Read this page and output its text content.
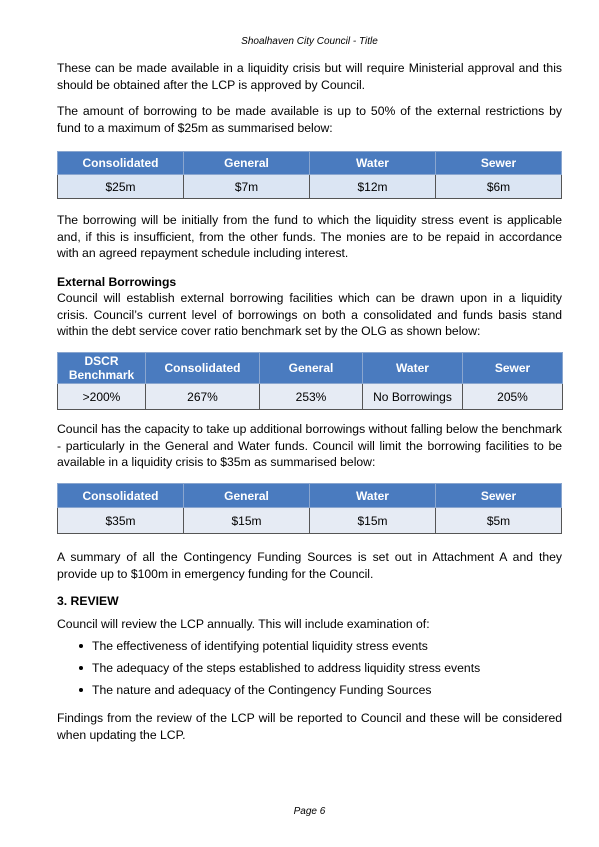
Shoalhaven City Council - Title

These can be made available in a liquidity crisis but will require Ministerial approval and this should be obtained after the LCP is approved by Council.

The amount of borrowing to be made available is up to 50% of the external restrictions by fund to a maximum of $25m as summarised below:

Consolidated	General	Water	Sewer
$25m	$7m	$12m	$6m

The borrowing will be initially from the fund to which the liquidity stress event is applicable and, if this is insufficient, from the other funds. The monies are to be repaid in accordance with an agreed repayment schedule including interest.

External Borrowings

Council will establish external borrowing facilities which can be drawn upon in a liquidity crisis. Council’s current level of borrowings on both a consolidated and funds basis stand within the debt service cover ratio benchmark set by the OLG as shown below:

DSCR Benchmark	Consolidated	General	Water	Sewer
>200%	267%	253%	No Borrowings	205%

Council has the capacity to take up additional borrowings without falling below the benchmark - particularly in the General and Water funds. Council will limit the borrowing facilities to be available in a liquidity crisis to $35m as summarised below:

Consolidated	General	Water	Sewer
$35m	$15m	$15m	$5m

A summary of all the Contingency Funding Sources is set out in Attachment A and they provide up to $100m in emergency funding for the Council.

3. REVIEW

Council will review the LCP annually. This will include examination of:

The effectiveness of identifying potential liquidity stress events
The adequacy of the steps established to address liquidity stress events
The nature and adequacy of the Contingency Funding Sources

Findings from the review of the LCP will be reported to Council and these will be considered when updating the LCP.

Page 6
